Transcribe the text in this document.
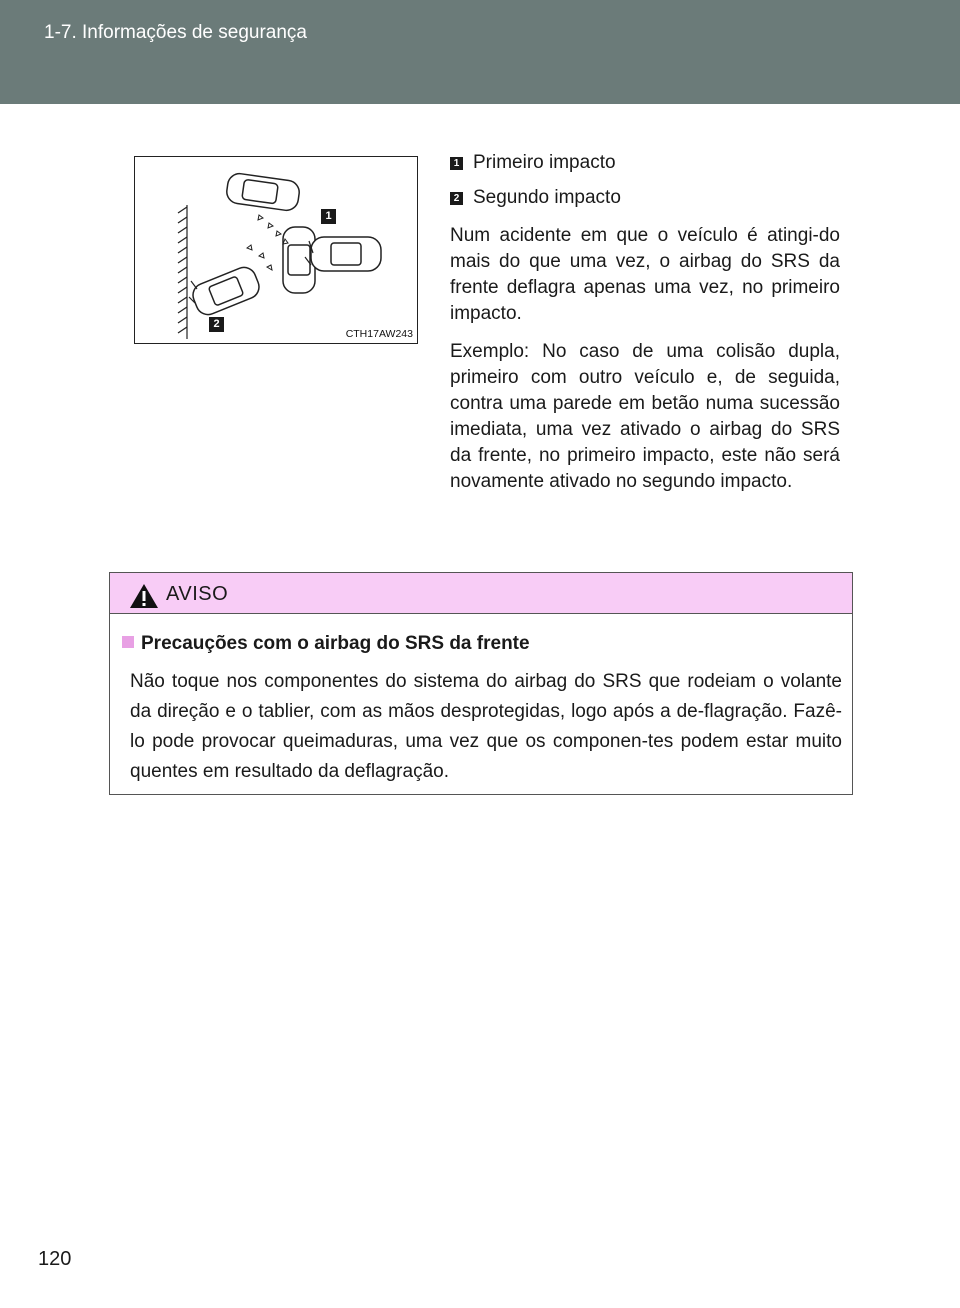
1-7. Informações de segurança
1
2
CTH17AW243
1 Primeiro impacto
2 Segundo impacto

Num acidente em que o veículo é atingi-do mais do que uma vez, o airbag do SRS da frente deflagra apenas uma vez, no primeiro impacto.

Exemplo: No caso de uma colisão dupla, primeiro com outro veículo e, de seguida, contra uma parede em betão numa sucessão imediata, uma vez ativado o airbag do SRS da frente, no primeiro impacto, este não será novamente ativado no segundo impacto.

AVISO
Precauções com o airbag do SRS da frente

Não toque nos componentes do sistema do airbag do SRS que rodeiam o volante da direção e o tablier, com as mãos desprotegidas, logo após a de-flagração. Fazê-lo pode provocar queimaduras, uma vez que os componen-tes podem estar muito quentes em resultado da deflagração.

120
